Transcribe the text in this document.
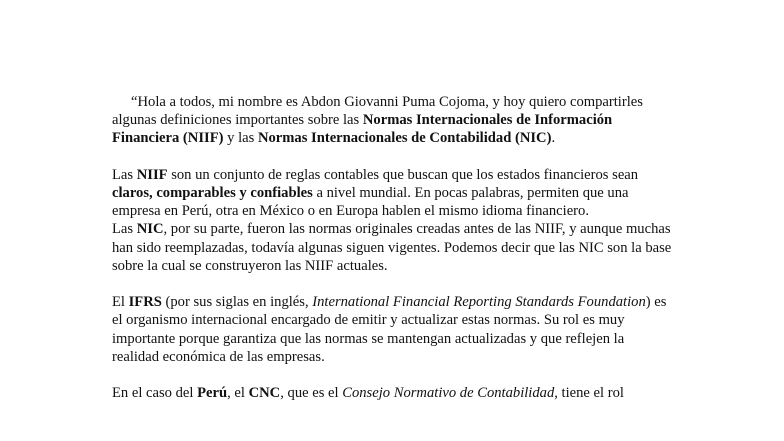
“Hola a todos, mi nombre es Abdon Giovanni Puma Cojoma, y hoy quiero compartirles algunas definiciones importantes sobre las Normas Internacionales de Información Financiera (NIIF) y las Normas Internacionales de Contabilidad (NIC).

Las NIIF son un conjunto de reglas contables que buscan que los estados financieros sean claros, comparables y confiables a nivel mundial. En pocas palabras, permiten que una empresa en Perú, otra en México o en Europa hablen el mismo idioma financiero.

Las NIC, por su parte, fueron las normas originales creadas antes de las NIIF, y aunque muchas han sido reemplazadas, todavía algunas siguen vigentes. Podemos decir que las NIC son la base sobre la cual se construyeron las NIIF actuales.

El IFRS (por sus siglas en inglés, International Financial Reporting Standards Foundation) es el organismo internacional encargado de emitir y actualizar estas normas. Su rol es muy importante porque garantiza que las normas se mantengan actualizadas y que reflejen la realidad económica de las empresas.

En el caso del Perú, el CNC, que es el Consejo Normativo de Contabilidad, tiene el rol
